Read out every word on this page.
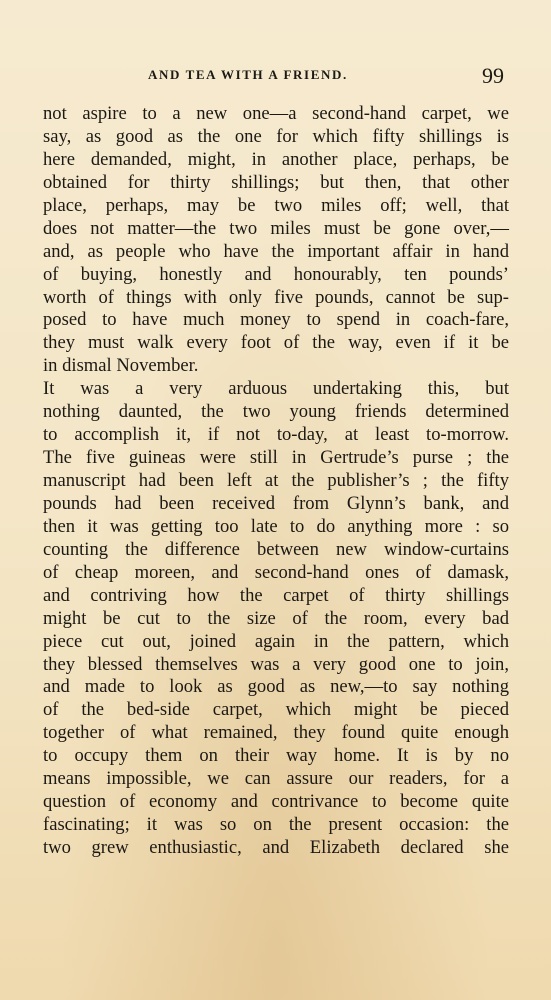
AND TEA WITH A FRIEND.	99
not aspire to a new one—a second-hand carpet, we
say, as good as the one for which fifty shillings is
here demanded, might, in another place, perhaps, be
obtained for thirty shillings; but then, that other
place, perhaps, may be two miles off; well, that
does not matter—the two miles must be gone over,—
and, as people who have the important affair in hand
of buying, honestly and honourably, ten pounds’
worth of things with only five pounds, cannot be sup-
posed to have much money to spend in coach-fare,
they must walk every foot of the way, even if it be
in dismal November.
It was a very arduous undertaking this, but
nothing daunted, the two young friends determined
to accomplish it, if not to-day, at least to-morrow.
The five guineas were still in Gertrude’s purse ; the
manuscript had been left at the publisher’s ; the fifty
pounds had been received from Glynn’s bank, and
then it was getting too late to do anything more : so
counting the difference between new window-curtains
of cheap moreen, and second-hand ones of damask,
and contriving how the carpet of thirty shillings
might be cut to the size of the room, every bad
piece cut out, joined again in the pattern, which
they blessed themselves was a very good one to join,
and made to look as good as new,—to say nothing
of the bed-side carpet, which might be pieced
together of what remained, they found quite enough
to occupy them on their way home. It is by no
means impossible, we can assure our readers, for a
question of economy and contrivance to become quite
fascinating; it was so on the present occasion: the
two grew enthusiastic, and Elizabeth declared she
